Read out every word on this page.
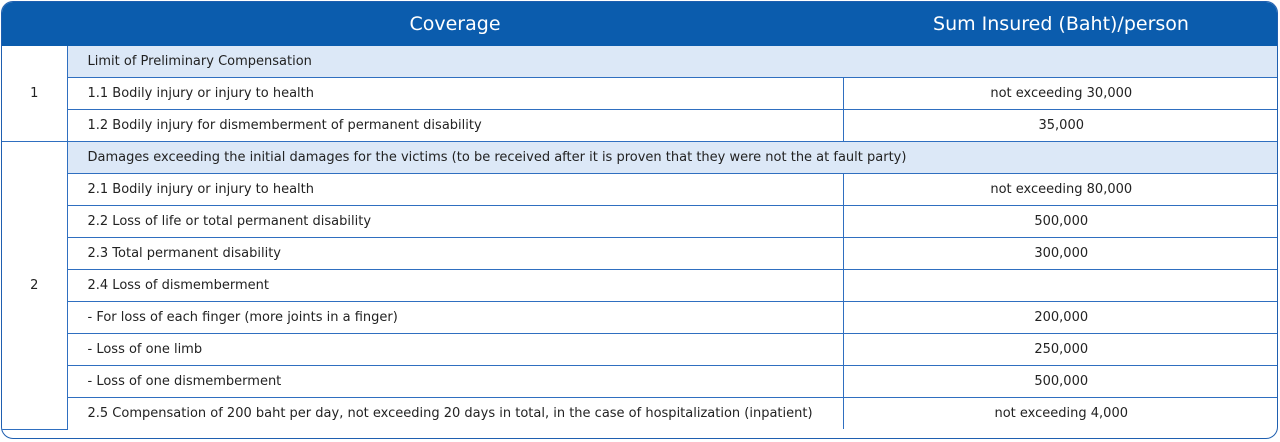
	Coverage	Sum Insured (Baht)/person
1	Limit of Preliminary Compensation	
	1.1 Bodily injury or injury to health	not exceeding 30,000
	1.2 Bodily injury for dismemberment of permanent disability	35,000
2	Damages exceeding the initial damages for the victims (to be received after it is proven that they were not the at fault party)	
	2.1 Bodily injury or injury to health	not exceeding 80,000
	2.2 Loss of life or total permanent disability	500,000
	2.3 Total permanent disability	300,000
	2.4 Loss of dismemberment	
	- For loss of each finger (more joints in a finger)	200,000
	- Loss of one limb	250,000
	- Loss of one dismemberment	500,000
	2.5 Compensation of 200 baht per day, not exceeding 20 days in total, in the case of hospitalization (inpatient)	not exceeding 4,000
